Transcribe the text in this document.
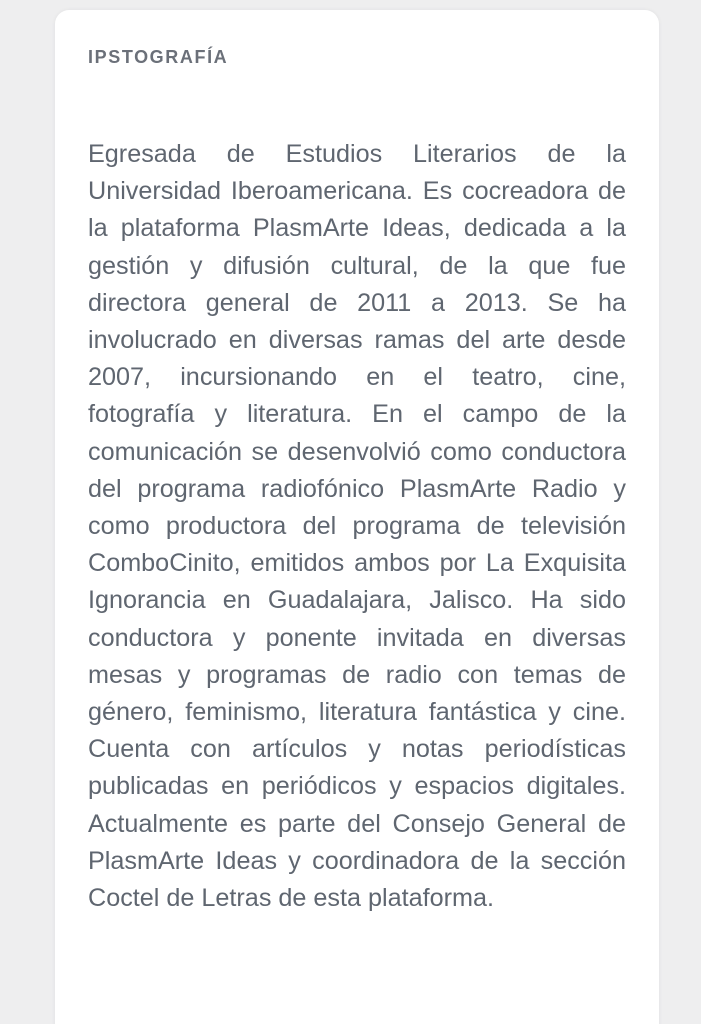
IPSTOGRAFÍA

Egresada de Estudios Literarios de la Universidad Iberoamericana. Es cocreadora de la plataforma PlasmArte Ideas, dedicada a la gestión y difusión cultural, de la que fue directora general de 2011 a 2013. Se ha involucrado en diversas ramas del arte desde 2007, incursionando en el teatro, cine, fotografía y literatura. En el campo de la comunicación se desenvolvió como conductora del programa radiofónico PlasmArte Radio y como productora del programa de televisión ComboCinito, emitidos ambos por La Exquisita Ignorancia en Guadalajara, Jalisco. Ha sido conductora y ponente invitada en diversas mesas y programas de radio con temas de género, feminismo, literatura fantástica y cine. Cuenta con artículos y notas periodísticas publicadas en periódicos y espacios digitales. Actualmente es parte del Consejo General de PlasmArte Ideas y coordinadora de la sección Coctel de Letras de esta plataforma.
